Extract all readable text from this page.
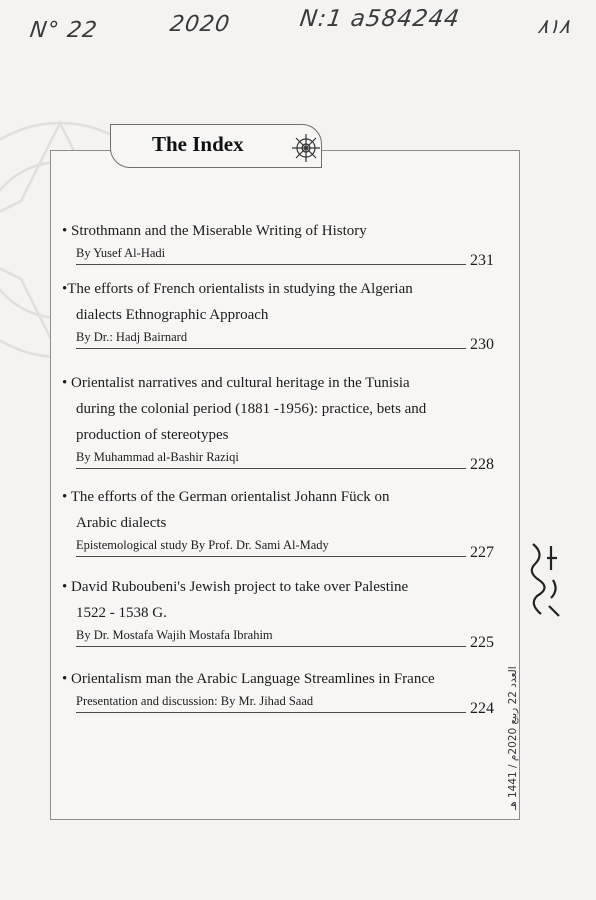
N° 22	2020	N:1 a584244	٨١٨
The Index
• Strothmann and the Miserable Writing of History
By Yusef Al-Hadi	231
•The efforts of French orientalists in studying the Algerian
dialects Ethnographic Approach
By Dr.: Hadj Bairnard	230
• Orientalist narratives and cultural heritage in the Tunisia
during the colonial period (1881 -1956): practice, bets and
production of stereotypes
By Muhammad al-Bashir Raziqi	228
• The efforts of the German orientalist Johann Fück on
Arabic dialects
Epistemological study By Prof. Dr. Sami Al-Mady	227
• David Ruboubeni's Jewish project to take over Palestine
1522 - 1538 G.
By Dr. Mostafa Wajih Mostafa Ibrahim	225
• Orientalism man the Arabic Language Streamlines in France
Presentation and discussion: By Mr. Jihad Saad	224
العدد 22 ربيع 2020م / 1441 هـ
